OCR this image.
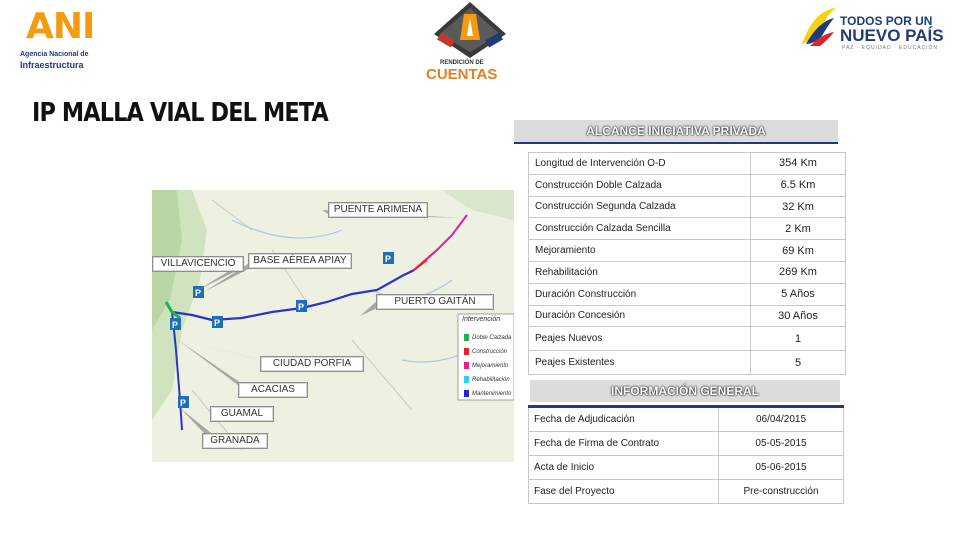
ANI
Agencia Nacional de
Infraestructura	RENDICIÓN DE
CUENTAS
TODOS POR UN
NUEVO PAÍS
PAZ · EQUIDAD · EDUCACIÓN
IP MALLA VIAL DEL META
P
P	P
P
P
P
Intervención
Doble Calzada
Construcción
Mejoramiento
Rehabilitación
Mantenimiento
PUENTE ARIMENA
VILLAVICENCIO	BASE AÉREA APIAY
PUERTO GAITÁN
CIUDAD PORFIA
ACACIAS
GUAMAL
GRANADA
ALCANCE INICIATIVA PRIVADA
Longitud de Intervención O-D	354 Km
Construcción Doble Calzada	6.5 Km
Construcción Segunda Calzada	32 Km
Construcción Calzada Sencilla	2 Km
Mejoramiento	69 Km
Rehabilitación	269 Km
Duración Construcción	5 Años
Duración Concesión	30 Años
Peajes Nuevos	1
Peajes Existentes	5
INFORMACIÓN GENERAL
Fecha de Adjudicación	06/04/2015
Fecha de Firma de Contrato	05-05-2015
Acta de Inicio	05-06-2015
Fase del Proyecto	Pre-construcción
